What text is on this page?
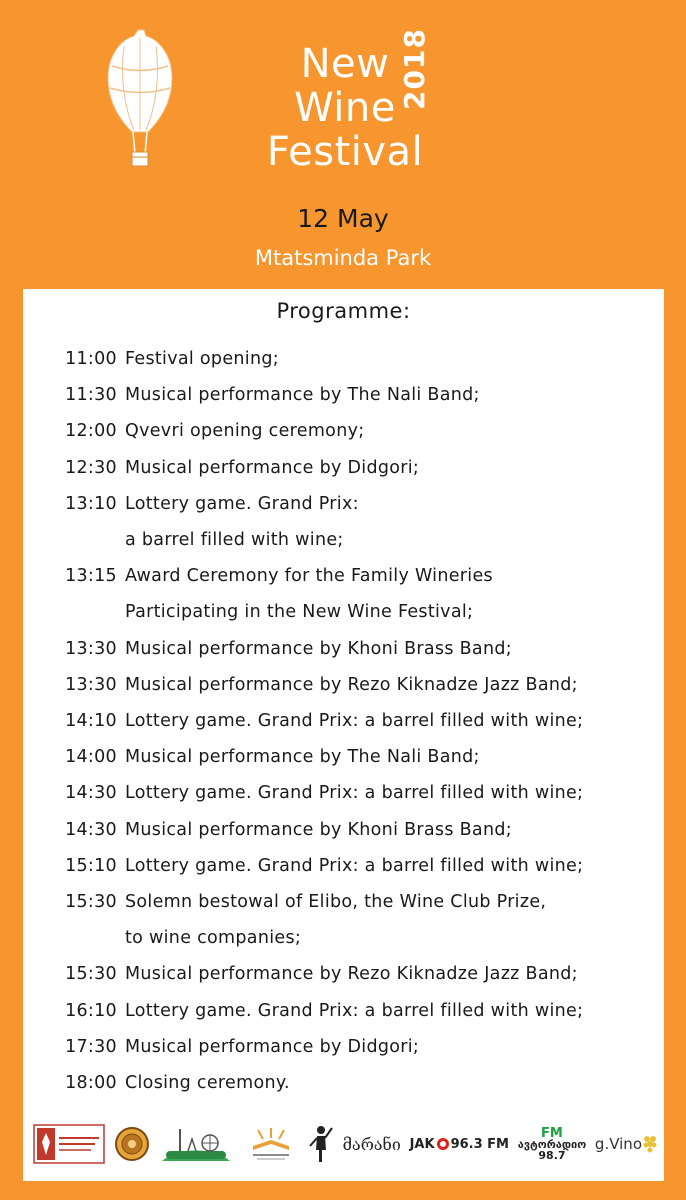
New
Wine
Festival
2018
12 May
Mtatsminda Park
Programme:
11:00 Festival opening;
11:30 Musical performance by The Nali Band;
12:00 Qvevri opening ceremony;
12:30 Musical performance by Didgori;
13:10 Lottery game. Grand Prix:
a barrel filled with wine;
13:15 Award Ceremony for the Family Wineries
Participating in the New Wine Festival;
13:30 Musical performance by Khoni Brass Band;
13:30 Musical performance by Rezo Kiknadze Jazz Band;
14:10 Lottery game. Grand Prix: a barrel filled with wine;
14:00 Musical performance by The Nali Band;
14:30 Lottery game. Grand Prix: a barrel filled with wine;
14:30 Musical performance by Khoni Brass Band;
15:10 Lottery game. Grand Prix: a barrel filled with wine;
15:30 Solemn bestowal of Elibo, the Wine Club Prize,
to wine companies;
15:30 Musical performance by Rezo Kiknadze Jazz Band;
16:10 Lottery game. Grand Prix: a barrel filled with wine;
17:30 Musical performance by Didgori;
18:00 Closing ceremony.
მარანი JAK 96.3 FM
FM
ავტორადიო
98.7
g.Vino
